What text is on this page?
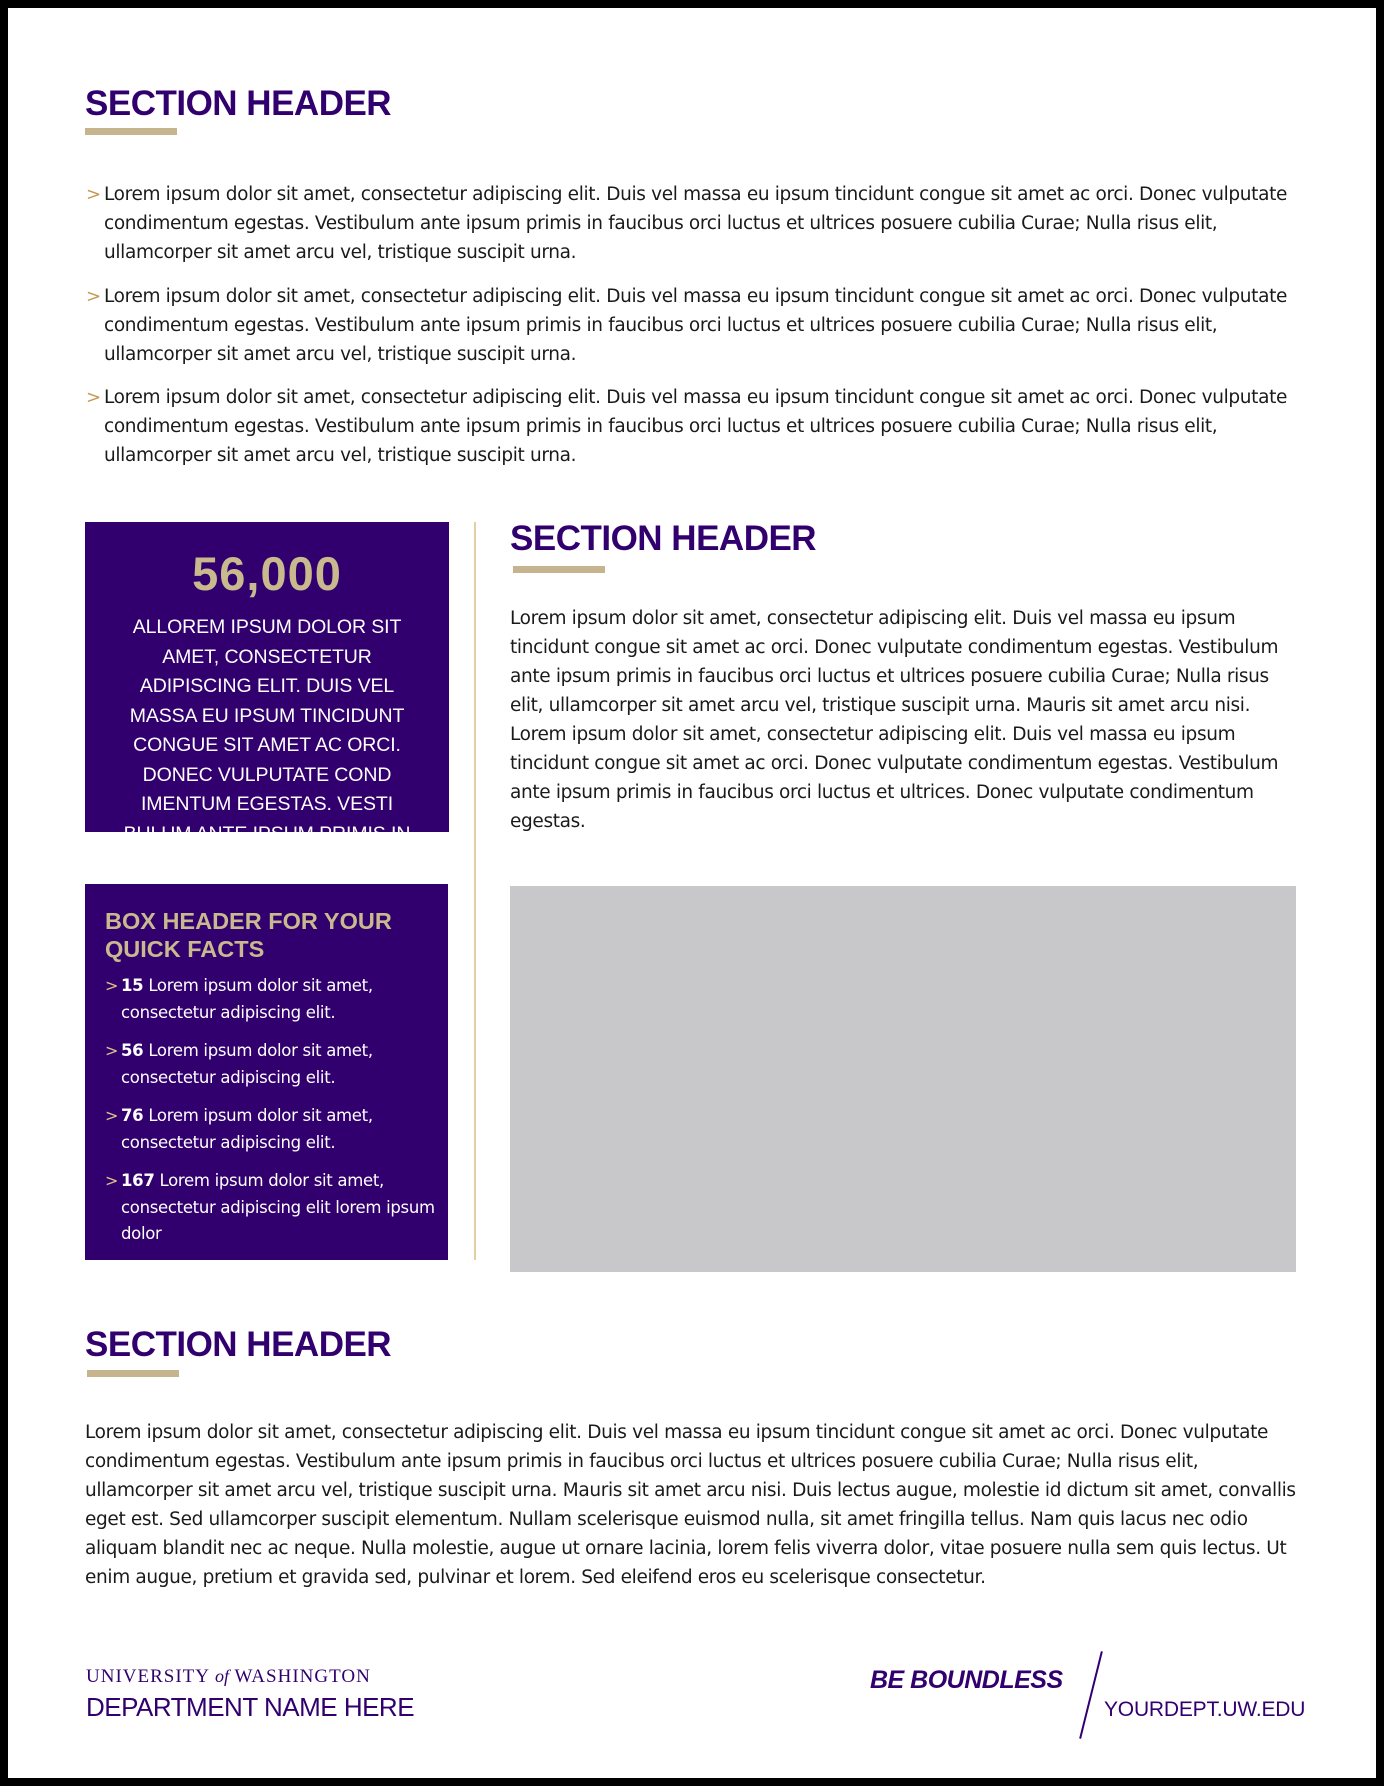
SECTION HEADER
> Lorem ipsum dolor sit amet, consectetur adipiscing elit. Duis vel massa eu ipsum tincidunt congue sit amet ac orci. Donec vulputate condimentum egestas. Vestibulum ante ipsum primis in faucibus orci luctus et ultrices posuere cubilia Curae; Nulla risus elit, ullamcorper sit amet arcu vel, tristique suscipit urna.
> Lorem ipsum dolor sit amet, consectetur adipiscing elit. Duis vel massa eu ipsum tincidunt congue sit amet ac orci. Donec vulputate condimentum egestas. Vestibulum ante ipsum primis in faucibus orci luctus et ultrices posuere cubilia Curae; Nulla risus elit, ullamcorper sit amet arcu vel, tristique suscipit urna.
> Lorem ipsum dolor sit amet, consectetur adipiscing elit. Duis vel massa eu ipsum tincidunt congue sit amet ac orci. Donec vulputate condimentum egestas. Vestibulum ante ipsum primis in faucibus orci luctus et ultrices posuere cubilia Curae; Nulla risus elit, ullamcorper sit amet arcu vel, tristique suscipit urna.
56,000
ALLOREM IPSUM DOLOR SIT AMET, CONSECTETUR ADIPISCING ELIT. DUIS VEL MASSA EU IPSUM TINCIDUNT CONGUE SIT AMET AC ORCI. DONEC VULPUTATE COND IMENTUM EGESTAS. VESTI BULUM ANTE IPSUM PRIMIS IN FAUCIBUS
BOX HEADER FOR YOUR QUICK FACTS
> 15 Lorem ipsum dolor sit amet, consectetur adipiscing elit.
> 56 Lorem ipsum dolor sit amet, consectetur adipiscing elit.
> 76 Lorem ipsum dolor sit amet, consectetur adipiscing elit.
> 167 Lorem ipsum dolor sit amet, consectetur adipiscing elit lorem ipsum dolor
SECTION HEADER

Lorem ipsum dolor sit amet, consectetur adipiscing elit. Duis vel massa eu ipsum tincidunt congue sit amet ac orci. Donec vulputate condimentum egestas. Vestibulum ante ipsum primis in faucibus orci luctus et ultrices posuere cubilia Curae; Nulla risus elit, ullamcorper sit amet arcu vel, tristique suscipit urna. Mauris sit amet arcu nisi. Lorem ipsum dolor sit amet, consectetur adipiscing elit. Duis vel massa eu ipsum tincidunt congue sit amet ac orci. Donec vulputate condimentum egestas. Vestibulum ante ipsum primis in faucibus orci luctus et ultrices. Donec vulputate condimentum egestas.

SECTION HEADER

Lorem ipsum dolor sit amet, consectetur adipiscing elit. Duis vel massa eu ipsum tincidunt congue sit amet ac orci. Donec vulputate condimentum egestas. Vestibulum ante ipsum primis in faucibus orci luctus et ultrices posuere cubilia Curae; Nulla risus elit, ullamcorper sit amet arcu vel, tristique suscipit urna. Mauris sit amet arcu nisi. Duis lectus augue, molestie id dictum sit amet, convallis eget est. Sed ullamcorper suscipit elementum. Nullam scelerisque euismod nulla, sit amet fringilla tellus. Nam quis lacus nec odio aliquam blandit nec ac neque. Nulla molestie, augue ut ornare lacinia, lorem felis viverra dolor, vitae posuere nulla sem quis lectus. Ut enim augue, pretium et gravida sed, pulvinar et lorem. Sed eleifend eros eu scelerisque consectetur.

UNIVERSITY of WASHINGTON
DEPARTMENT NAME HERE
BE BOUNDLESS
YOURDEPT.UW.EDU
